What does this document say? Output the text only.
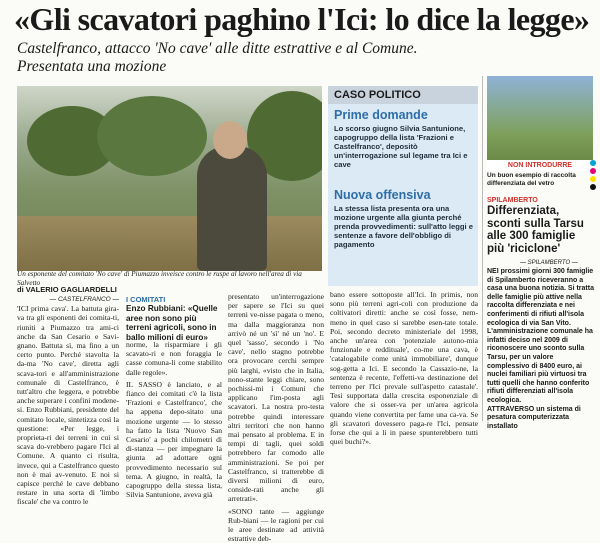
«Gli scavatori paghino l'Ici: lo dice la legge»
Castelfranco, attacco 'No cave' alle ditte estrattive e al Comune. Presentata una mozione
Un esponente del comitato 'No cave' di Piumazzo inveisce contro le ruspe al lavoro nell'area di via Salvetto
di VALERIO GAGLIARDELLI
— CASTELFRANCO —

'ICI prima cava'. La battuta gira-va tra gli esponenti dei comita-ti, riuniti a Piumazzo tra ami-ci anche da San Cesario e Savi-gnano. Battuta sì, ma fino a un certo punto. Perché stavolta la da-ma 'No cave', diretta agli scava-tori e all'amministrazione comunale di Castelfranco, è tutt'altro che leggera, e potrebbe anche superare i confini modene-si. Enzo Rubbiani, presidente del comitato locale, sintetizza così la questione: «Per legge, i proprieta-ri dei terreni in cui si scava do-vrebbero pagare l'Ici al Comune. A quanto ci risulta, invece, qui a Castelfranco questo non è mai av-venuto. E noi si capisce perché le cave debbano restare in una sorta di 'limbo fiscale' che va contro le

I COMITATI
Enzo Rubbiani: «Quelle aree non sono più terreni agricoli, sono in ballo milioni di euro»

norme, la risparmiare i gli scavato-ri e non foraggia le casse comuna-li come stabilito dalle regole».

IL SASSO è lanciato, e al fianco dei comitati c'è la lista 'Frazioni e Castelfranco', che ha appena depo-sitato una mozione urgente — lo stesso ha fatto la lista 'Nuovo San Cesario' a pochi chilometri di di-stanza — per impegnare la giunta ad adottare ogni provvedimento necessario sul tema. A giugno, in realtà, la capogruppo della stessa lista, Silvia Santunione, aveva già

presentato un'interrogazione per sapere se l'Ici su quei terreni ve-nisse pagata o meno, ma dalla maggioranza non arrivò né un 'sì' né un 'no'. E quel 'sasso', secondo i 'No cave', nello stagno potrebbe ora provocare cerchi sempre più larghi, «visto che in Italia, nono-stante leggi chiare, sono pochissi-mi i Comuni che applicano l'im-posta agli scavatori. La nostra pro-testa potrebbe quindi interessare altri territori che non hanno mai pensato al problema. E in tempi di tagli, quei soldi potrebbero far comodo alle amministrazioni. Se poi per Castelfranco, si tratterebbe di diversi milioni di euro, conside-rati anche gli arretrati».

«SONO tante — aggiunge Rub-biani — le ragioni per cui le aree destinate ad attività estrattive deb-

bano essere sottoposte all'Ici. In primis, non sono più terreni agri-coli con produzione da coltivatori diretti: anche se così fosse, nem-meno in quel caso si sarebbe esen-tate totale. Poi, secondo decreto ministeriale del 1998, anche un'area con 'potenziale autono-mia funzionale e reddituale', co-me una cava, è 'catalogabile come unità immobiliare', dunque sog-getta a Ici. E secondo la Cassazio-ne, la sentenza è recente, l'effetti-va destinazione del terreno per l'Ici prevale sull'aspetto catastale'. Tesi supportata dalla crescita esponenziale di valore che si osser-va per un'area agricola quando viene convertita per fame una ca-va. Se gli scavatori dovessero paga-re l'Ici, pensate forse che qui a li in paese spunterebbero tutti quei buchi?».

CASO POLITICO
Prime domande
Lo scorso giugno Silvia Santunione, capogruppo della lista 'Frazioni e Castelfranco', depositò un'interrogazione sul legame tra Ici e cave
Nuova offensiva
La stessa lista presenta ora una mozione urgente alla giunta perché prenda provvedimenti: sull'atto leggi e sentenze a favore dell'obbligo di pagamento
NON INTRODURRE
Un buon esempio di raccolta differenziata del vetro
SPILAMBERTO
Differenziata, sconti sulla Tarsu alle 300 famiglie più 'riciclone'
— SPILAMBERTO —
NEI prossimi giorni 300 famiglie di Spilamberto riceveranno a casa una buona notizia. Si tratta delle famiglie più attive nella raccolta differenziata e nei conferimenti di rifiuti all'isola ecologica di via San Vito. L'amministrazione comunale ha infatti deciso nel 2009 di riconoscere uno sconto sulla Tarsu, per un valore complessivo di 8400 euro, ai nuclei familiari più virtuosi tra tutti quelli che hanno conferito rifiuti differenziati all'isola ecologica.
ATTRAVERSO un sistema di pesatura computerizzata installato
